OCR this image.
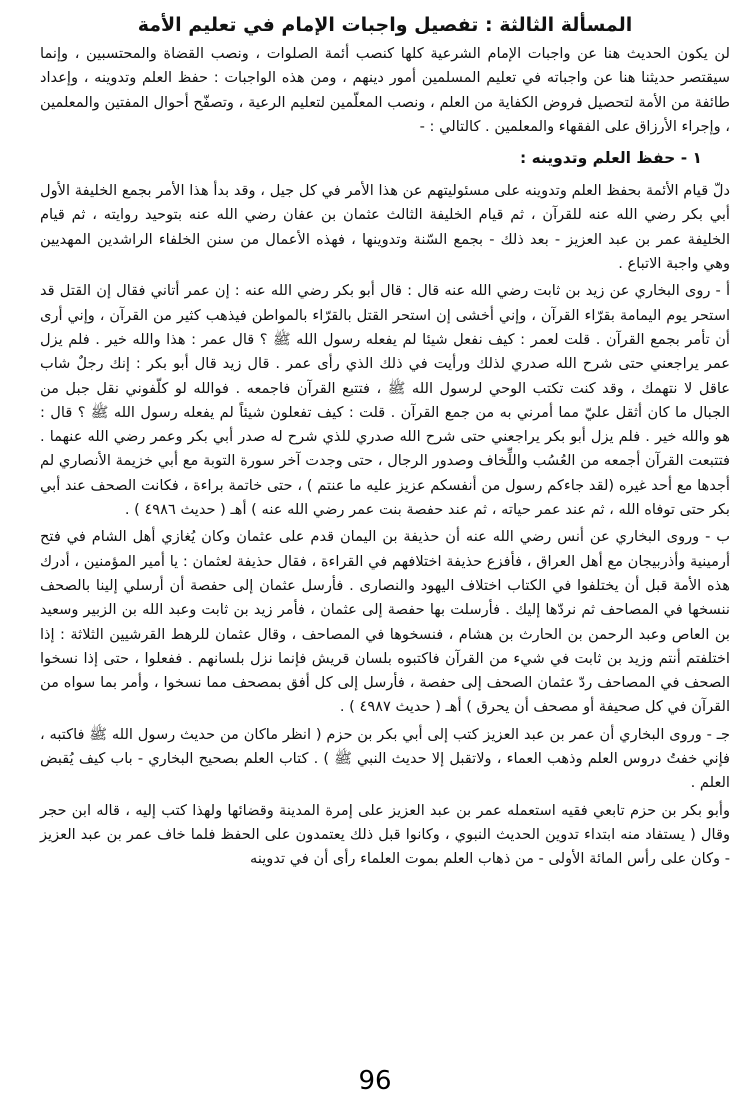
المسألة الثالثة : تفصيل واجبات الإمام في تعليم الأمة

لن يكون الحديث هنا عن واجبات الإمام الشرعية كلها كنصب أئمة الصلوات ، ونصب القضاة والمحتسبين ، وإنما سيقتصر حديثنا هنا عن واجباته في تعليم المسلمين أمور دينهم ، ومن هذه الواجبات : حفظ العلم وتدوينه ، وإعداد طائفة من الأمة لتحصيل فروض الكفاية من العلم ، ونصب المعلّمين لتعليم الرعية ، وتصفّح أحوال المفتين والمعلمين ، وإجراء الأرزاق على الفقهاء والمعلمين . كالتالي : -

١ - حفظ العلم وتدوينه :

دلّ قيام الأئمة بحفظ العلم وتدوينه على مسئوليتهم عن هذا الأمر في كل جيل ، وقد بدأ هذا الأمر بجمع الخليفة الأول أبي بكر رضي الله عنه للقرآن ، ثم قيام الخليفة الثالث عثمان بن عفان رضي الله عنه بتوحيد روايته ، ثم قيام الخليفة عمر بن عبد العزيز - بعد ذلك - بجمع السّنة وتدوينها ، فهذه الأعمال من سنن الخلفاء الراشدين المهديين وهي واجبة الاتباع .

أ - روى البخاري عن زيد بن ثابت رضي الله عنه قال : قال أبو بكر رضي الله عنه : إن عمر أتاني فقال إن القتل قد استحر يوم اليمامة بقرّاء القرآن ، وإني أخشى إن استحر القتل بالقرّاء بالمواطن فيذهب كثير من القرآن ، وإني أرى أن تأمر بجمع القرآن . قلت لعمر : كيف نفعل شيئا لم يفعله رسول الله ﷺ ؟ قال عمر : هذا والله خير . فلم يزل عمر يراجعني حتى شرح الله صدري لذلك ورأيت في ذلك الذي رأى عمر . قال زيد قال أبو بكر : إنك رجلٌ شاب عاقل لا نتهمك ، وقد كنت تكتب الوحي لرسول الله ﷺ ، فتتبع القرآن فاجمعه . فوالله لو كلّفوني نقل جبل من الجبال ما كان أثقل عليّ مما أمرني به من جمع القرآن . قلت : كيف تفعلون شيئاً لم يفعله رسول الله ﷺ ؟ قال : هو والله خير . فلم يزل أبو بكر يراجعني حتى شرح الله صدري للذي شرح له صدر أبي بكر وعمر رضي الله عنهما . فتتبعت القرآن أجمعه من العُسُب واللِّخاف وصدور الرجال ، حتى وجدت آخر سورة التوبة مع أبي خزيمة الأنصاري لم أجدها مع أحد غيره (لقد جاءكم رسول من أنفسكم عزيز عليه ما عنتم ) ، حتى خاتمة براءة ، فكانت الصحف عند أبي بكر حتى توفاه الله ، ثم عند عمر حياته ، ثم عند حفصة بنت عمر رضي الله عنه ) أهـ ( حديث ٤٩٨٦ ) .

ب - وروى البخاري عن أنس رضي الله عنه أن حذيفة بن اليمان قدم على عثمان وكان يُغازي أهل الشام في فتح أرمينية وأذربيجان مع أهل العراق ، فأفزع حذيفة اختلافهم في القراءة ، فقال حذيفة لعثمان : يا أمير المؤمنين ، أدرك هذه الأمة قبل أن يختلفوا في الكتاب اختلاف اليهود والنصارى . فأرسل عثمان إلى حفصة أن أرسلي إلينا بالصحف ننسخها في المصاحف ثم نردّها إليك . فأرسلت بها حفصة إلى عثمان ، فأمر زيد بن ثابت وعبد الله بن الزبير وسعيد بن العاص وعبد الرحمن بن الحارث بن هشام ، فنسخوها في المصاحف ، وقال عثمان للرهط القرشيين الثلاثة : إذا اختلفتم أنتم وزيد بن ثابت في شيء من القرآن فاكتبوه بلسان قريش فإنما نزل بلسانهم . ففعلوا ، حتى إذا نسخوا الصحف في المصاحف ردّ عثمان الصحف إلى حفصة ، فأرسل إلى كل أفق بمصحف مما نسخوا ، وأمر بما سواه من القرآن في كل صحيفة أو مصحف أن يحرق ) أهـ ( حديث ٤٩٨٧ ) .

جـ - وروى البخاري أن عمر بن عبد العزيز كتب إلى أبي بكر بن حزم ( انظر ماكان من حديث رسول الله ﷺ فاكتبه ، فإني خفتُ دروس العلم وذهب العماء ، ولاتقبل إلا حديث النبي ﷺ ) . كتاب العلم بصحيح البخاري - باب كيف يُقبض العلم .

وأبو بكر بن حزم تابعي فقيه استعمله عمر بن عبد العزيز على إمرة المدينة وقضائها ولهذا كتب إليه ، قاله ابن حجر وقال ( يستفاد منه ابتداء تدوين الحديث النبوي ، وكانوا قبل ذلك يعتمدون على الحفظ فلما خاف عمر بن عبد العزيز - وكان على رأس المائة الأولى - من ذهاب العلم بموت العلماء رأى أن في تدوينه

96
